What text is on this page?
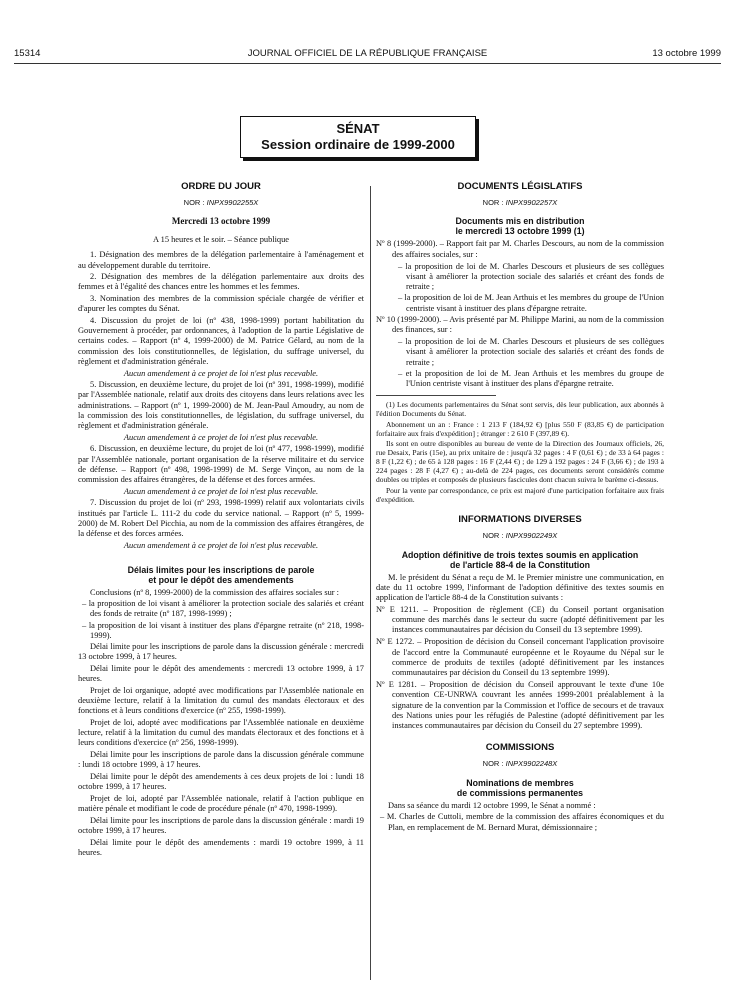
15314	JOURNAL OFFICIEL DE LA RÉPUBLIQUE FRANÇAISE	13 octobre 1999
SÉNAT
Session ordinaire de 1999-2000
ORDRE DU JOUR
NOR : INPX9902255X
Mercredi 13 octobre 1999

A 15 heures et le soir. – Séance publique

1. Désignation des membres de la délégation parlementaire à l'aménagement et au développement durable du territoire.

2. Désignation des membres de la délégation parlementaire aux droits des femmes et à l'égalité des chances entre les hommes et les femmes.

3. Nomination des membres de la commission spéciale chargée de vérifier et d'apurer les comptes du Sénat.

4. Discussion du projet de loi (nº 438, 1998-1999) portant habilitation du Gouvernement à procéder, par ordonnances, à l'adoption de la partie Législative de certains codes. – Rapport (nº 4, 1999-2000) de M. Patrice Gélard, au nom de la commission des lois constitutionnelles, de législation, du suffrage universel, du règlement et d'administration générale.

Aucun amendement à ce projet de loi n'est plus recevable.

5. Discussion, en deuxième lecture, du projet de loi (nº 391, 1998-1999), modifié par l'Assemblée nationale, relatif aux droits des citoyens dans leurs relations avec les administrations. – Rapport (nº 1, 1999-2000) de M. Jean-Paul Amoudry, au nom de la commission des lois constitutionnelles, de législation, du suffrage universel, du règlement et d'administration générale.

Aucun amendement à ce projet de loi n'est plus recevable.

6. Discussion, en deuxième lecture, du projet de loi (nº 477, 1998-1999), modifié par l'Assemblée nationale, portant organisation de la réserve militaire et du service de défense. – Rapport (nº 498, 1998-1999) de M. Serge Vinçon, au nom de la commission des affaires étrangères, de la défense et des forces armées.

Aucun amendement à ce projet de loi n'est plus recevable.

7. Discussion du projet de loi (nº 293, 1998-1999) relatif aux volontariats civils institués par l'article L. 111-2 du code du service national. – Rapport (nº 5, 1999-2000) de M. Robert Del Picchia, au nom de la commission des affaires étrangères, de la défense et des forces armées.

Aucun amendement à ce projet de loi n'est plus recevable.

Délais limites pour les inscriptions de parole
et pour le dépôt des amendements

Conclusions (nº 8, 1999-2000) de la commission des affaires sociales sur :

– la proposition de loi visant à améliorer la protection sociale des salariés et créant des fonds de retraite (nº 187, 1998-1999) ;
– la proposition de loi visant à instituer des plans d'épargne retraite (nº 218, 1998-1999).

Délai limite pour les inscriptions de parole dans la discussion générale : mercredi 13 octobre 1999, à 17 heures.

Délai limite pour le dépôt des amendements : mercredi 13 octobre 1999, à 17 heures.

Projet de loi organique, adopté avec modifications par l'Assemblée nationale en deuxième lecture, relatif à la limitation du cumul des mandats électoraux et des fonctions et à leurs conditions d'exercice (nº 255, 1998-1999).

Projet de loi, adopté avec modifications par l'Assemblée nationale en deuxième lecture, relatif à la limitation du cumul des mandats électoraux et des fonctions et à leurs conditions d'exercice (nº 256, 1998-1999).

Délai limite pour les inscriptions de parole dans la discussion générale commune : lundi 18 octobre 1999, à 17 heures.

Délai limite pour le dépôt des amendements à ces deux projets de loi : lundi 18 octobre 1999, à 17 heures.

Projet de loi, adopté par l'Assemblée nationale, relatif à l'action publique en matière pénale et modifiant le code de procédure pénale (nº 470, 1998-1999).

Délai limite pour les inscriptions de parole dans la discussion générale : mardi 19 octobre 1999, à 17 heures.

Délai limite pour le dépôt des amendements : mardi 19 octobre 1999, à 11 heures.

DOCUMENTS LÉGISLATIFS
NOR : INPX9902257X
Documents mis en distribution
le mercredi 13 octobre 1999 (1)
Nº 8 (1999-2000). – Rapport fait par M. Charles Descours, au nom de la commission des affaires sociales, sur :
– la proposition de loi de M. Charles Descours et plusieurs de ses collègues visant à améliorer la protection sociale des salariés et créant des fonds de retraite ;
– la proposition de loi de M. Jean Arthuis et les membres du groupe de l'Union centriste visant à instituer des plans d'épargne retraite.
Nº 10 (1999-2000). – Avis présenté par M. Philippe Marini, au nom de la commission des finances, sur :
– la proposition de loi de M. Charles Descours et plusieurs de ses collègues visant à améliorer la protection sociale des salariés et créant des fonds de retraite ;
– et la proposition de loi de M. Jean Arthuis et les membres du groupe de l'Union centriste visant à instituer des plans d'épargne retraite.

(1) Les documents parlementaires du Sénat sont servis, dès leur publication, aux abonnés à l'édition Documents du Sénat.

Abonnement un an : France : 1 213 F (184,92 €) [plus 550 F (83,85 €) de participation forfaitaire aux frais d'expédition] ; étranger : 2 610 F (397,89 €).

Ils sont en outre disponibles au bureau de vente de la Direction des Journaux officiels, 26, rue Desaix, Paris (15e), au prix unitaire de : jusqu'à 32 pages : 4 F (0,61 €) ; de 33 à 64 pages : 8 F (1,22 €) ; de 65 à 128 pages : 16 F (2,44 €) ; de 129 à 192 pages : 24 F (3,66 €) ; de 193 à 224 pages : 28 F (4,27 €) ; au-delà de 224 pages, ces documents seront considérés comme doubles ou triples et composés de plusieurs fascicules dont chacun suivra le barème ci-dessus.

Pour la vente par correspondance, ce prix est majoré d'une participation forfaitaire aux frais d'expédition.

INFORMATIONS DIVERSES
NOR : INPX9902249X
Adoption définitive de trois textes soumis en application
de l'article 88-4 de la Constitution

M. le président du Sénat a reçu de M. le Premier ministre une communication, en date du 11 octobre 1999, l'informant de l'adoption définitive des textes soumis en application de l'article 88-4 de la Constitution suivants :

Nº E 1211. – Proposition de règlement (CE) du Conseil portant organisation commune des marchés dans le secteur du sucre (adopté définitivement par les instances communautaires par décision du Conseil du 13 septembre 1999).
Nº E 1272. – Proposition de décision du Conseil concernant l'application provisoire de l'accord entre la Communauté européenne et le Royaume du Népal sur le commerce de produits de textiles (adopté définitivement par les instances communautaires par décision du Conseil du 13 septembre 1999).
Nº E 1281. – Proposition de décision du Conseil approuvant le texte d'une 10e convention CE-UNRWA couvrant les années 1999-2001 préalablement à la signature de la convention par la Commission et l'office de secours et de travaux des Nations unies pour les réfugiés de Palestine (adopté définitivement par les instances communautaires par décision du Conseil du 27 septembre 1999).
COMMISSIONS
NOR : INPX9902248X
Nominations de membres
de commissions permanentes

Dans sa séance du mardi 12 octobre 1999, le Sénat a nommé :

– M. Charles de Cuttoli, membre de la commission des affaires économiques et du Plan, en remplacement de M. Bernard Murat, démissionnaire ;
